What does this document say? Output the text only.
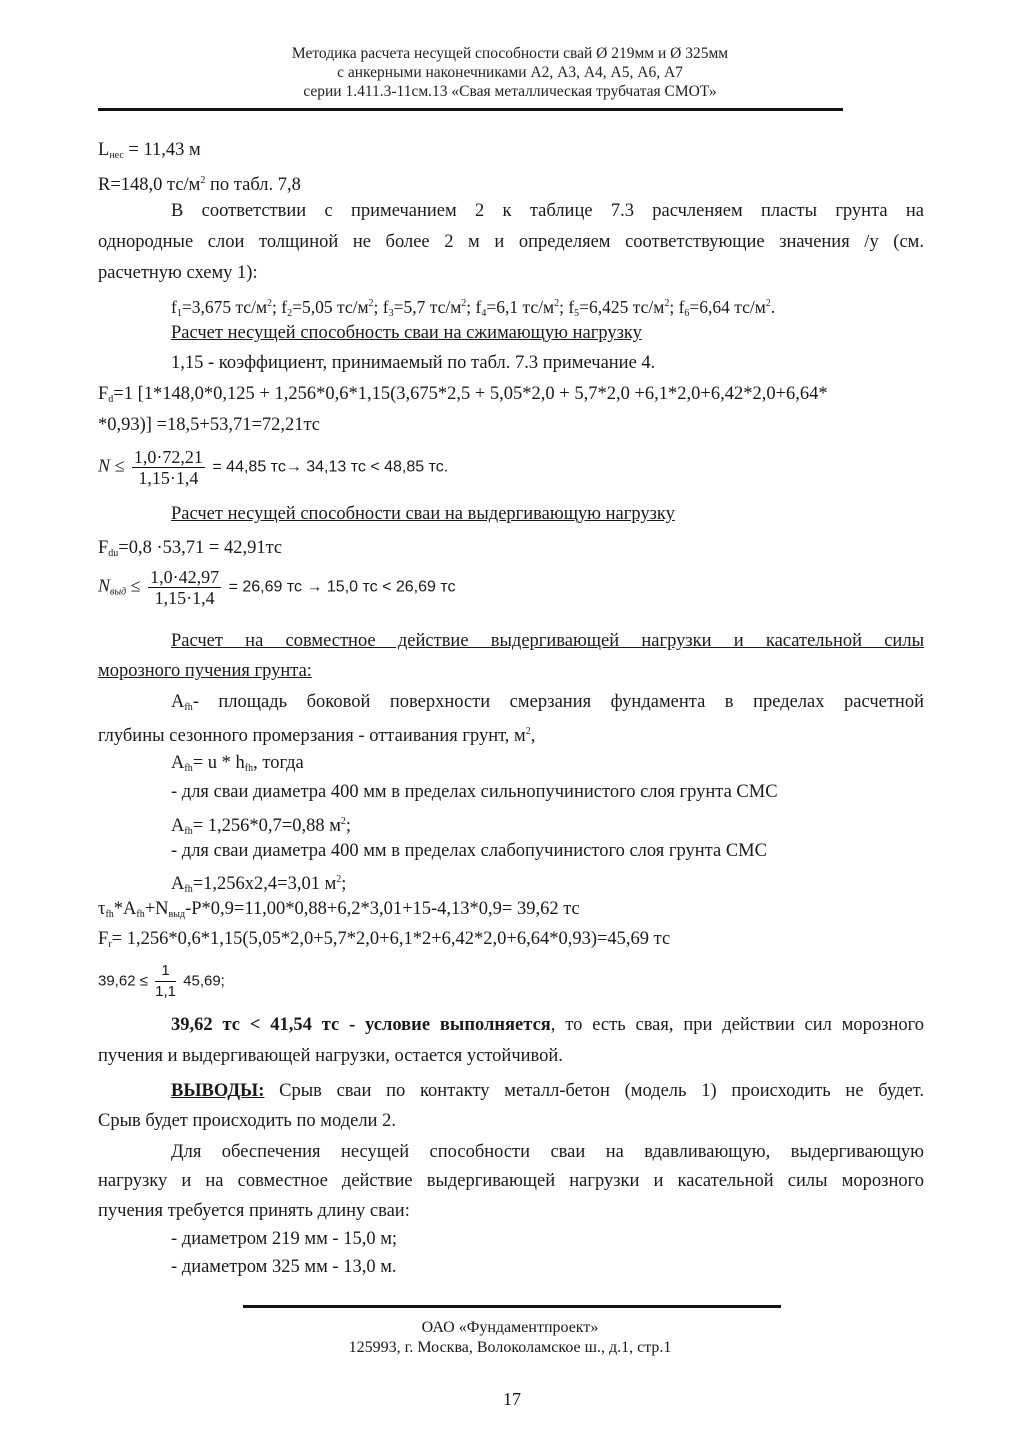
Методика расчета несущей способности свай Ø 219мм и Ø 325мм
с анкерными наконечниками А2, А3, А4, А5, А6, А7
серии 1.411.3-11см.13 «Свая металлическая трубчатая СМОТ»
$L_{нес} = 11,43$ м
R=148,0 $тс/м^2$ по табл. 7,8
В соответствии с примечанием 2 к таблице 7.3 расчленяем пласты грунта на
однородные слои толщиной не более 2 м и определяем соответствующие значения /у (см.
расчетную схему 1):
$f_1=3,675$ $тс/м^2$; $f_2=5,05$ $тс/м^2$; $f_3=5,7$ $тс/м^2$; $f_4=6,1$ $тс/м^2$; $f_5=6,425$ $тс/м^2$; $f_6=6,64$ $тс/м^2$.
Расчет несущей способность сваи на сжимающую нагрузку
1,15 - коэффициент, принимаемый по табл. 7.3 примечание 4.
$F_d=1$ [1*148,0*0,125 + 1,256*0,6*1,15(3,675*2,5 + 5,05*2,0 + 5,7*2,0 +6,1*2,0+6,42*2,0+6,64*
*0,93)] =18,5+53,71=72,21тс
$N \le \frac{1,0\cdot 72,21}{1,15\cdot 1,4} = 44,85$ тс→ 34,13 тс < 48,85 тс.
Расчет несущей способности сваи на выдергивающую нагрузку
$F_{du}=0,8 \cdot 53,71 = 42,91тс$
$N_{выд} \le \frac{1,0\cdot 42,97}{1,15\cdot 1,4} = 26,69$ тс → 15,0 тс < 26,69 тс
Расчет на совместное действие выдергивающей нагрузки и касательной силы
морозного пучения грунта:
$A_{fh}-$ площадь боковой поверхности смерзания фундамента в пределах расчетной
глубины сезонного промерзания - оттаивания грунт, $м^2$,
$A_{fh}= u * h_{fh}$, тогда
- для сваи диаметра 400 мм в пределах сильнопучинистого слоя грунта СМС
$A_{fh}= 1,256*0,7=0,88$ $м^2$;
- для сваи диаметра 400 мм в пределах слабопучинистого слоя грунта СМС
$A_{fh}=1,256х2,4=3,01$ $м^2$;
$\tau_{fh}*A_{fh}+N_{выд}-P*0,9=11,00*0,88+6,2*3,01+15-4,13*0,9= 39,62$ тс
$F_r= 1,256*0,6*1,15(5,05*2,0+5,7*2,0+6,1*2+6,42*2,0+6,64*0,93)=45,69$ тс
$39,62 \le \frac{1}{1,1} 45,69$;
39,62 тс < 41,54 тс - условие выполняется, то есть свая, при действии сил морозного
пучения и выдергивающей нагрузки, остается устойчивой.
ВЫВОДЫ: Срыв сваи по контакту металл-бетон (модель 1) происходить не будет.
Срыв будет происходить по модели 2.
Для обеспечения несущей способности сваи на вдавливающую, выдергивающую
нагрузку и на совместное действие выдергивающей нагрузки и касательной силы морозного
пучения требуется принять длину сваи:
- диаметром 219 мм - 15,0 м;
- диаметром 325 мм - 13,0 м.
ОАО «Фундаментпроект»
125993, г. Москва, Волоколамское ш., д.1, стр.1
17
